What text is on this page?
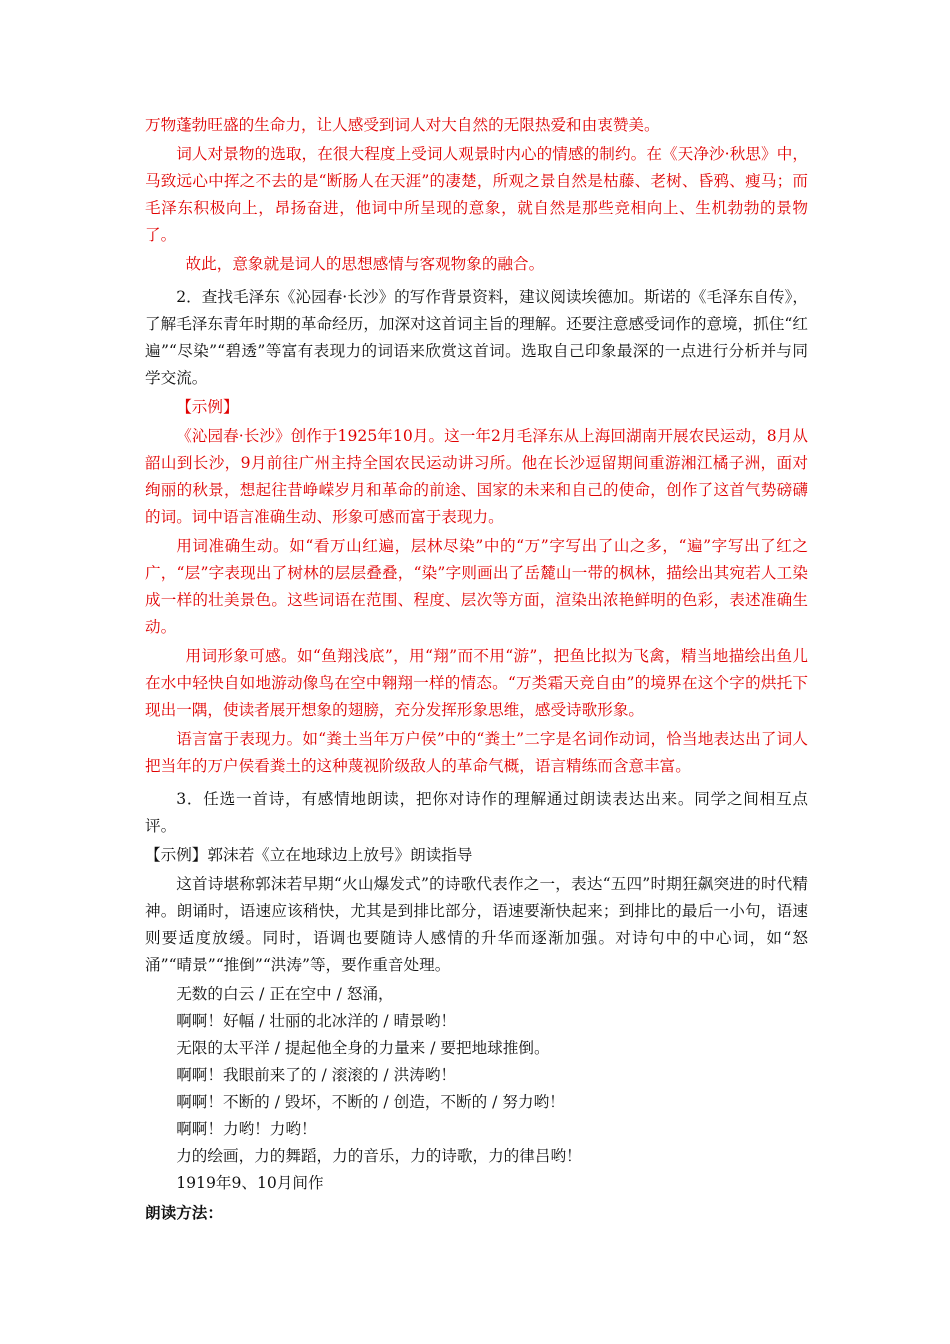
万物蓬勃旺盛的生命力，让人感受到词人对大自然的无限热爱和由衷赞美。

词人对景物的选取，在很大程度上受词人观景时内心的情感的制约。在《天净沙·秋思》中，马致远心中挥之不去的是“断肠人在天涯”的凄楚，所观之景自然是枯藤、老树、昏鸦、瘦马；而毛泽东积极向上，昂扬奋进，他词中所呈现的意象，就自然是那些竞相向上、生机勃勃的景物了。

故此，意象就是词人的思想感情与客观物象的融合。

2．查找毛泽东《沁园春·长沙》的写作背景资料，建议阅读埃德加。斯诺的《毛泽东自传》，了解毛泽东青年时期的革命经历，加深对这首词主旨的理解。还要注意感受词作的意境，抓住“红遍”“尽染”“碧透”等富有表现力的词语来欣赏这首词。选取自己印象最深的一点进行分析并与同学交流。

【示例】

《沁园春·长沙》创作于1925年10月。这一年2月毛泽东从上海回湖南开展农民运动，8月从韶山到长沙，9月前往广州主持全国农民运动讲习所。他在长沙逗留期间重游湘江橘子洲，面对绚丽的秋景，想起往昔峥嵘岁月和革命的前途、国家的未来和自己的使命，创作了这首气势磅礴的词。词中语言准确生动、形象可感而富于表现力。

用词准确生动。如“看万山红遍，层林尽染”中的“万”字写出了山之多，“遍”字写出了红之广，“层”字表现出了树林的层层叠叠，“染”字则画出了岳麓山一带的枫林，描绘出其宛若人工染成一样的壮美景色。这些词语在范围、程度、层次等方面，渲染出浓艳鲜明的色彩，表述准确生动。

用词形象可感。如“鱼翔浅底”，用“翔”而不用“游”，把鱼比拟为飞禽，精当地描绘出鱼儿在水中轻快自如地游动像鸟在空中翱翔一样的情态。“万类霜天竞自由”的境界在这个字的烘托下现出一隅，使读者展开想象的翅膀，充分发挥形象思维，感受诗歌形象。

语言富于表现力。如“粪土当年万户侯”中的“粪土”二字是名词作动词，恰当地表达出了词人把当年的万户侯看粪土的这种蔑视阶级敌人的革命气概，语言精练而含意丰富。

3．任选一首诗，有感情地朗读，把你对诗作的理解通过朗读表达出来。同学之间相互点评。

【示例】郭沫若《立在地球边上放号》朗读指导

这首诗堪称郭沫若早期“火山爆发式”的诗歌代表作之一，表达“五四”时期狂飙突进的时代精神。朗诵时，语速应该稍快，尤其是到排比部分，语速要渐快起来；到排比的最后一小句，语速则要适度放缓。同时，语调也要随诗人感情的升华而逐渐加强。对诗句中的中心词，如“怒涌”“晴景”“推倒”“洪涛”等，要作重音处理。

无数的白云 / 正在空中 / 怒涌，

啊啊！好幅 / 壮丽的北冰洋的 / 晴景哟！

无限的太平洋 / 提起他全身的力量来 / 要把地球推倒。

啊啊！我眼前来了的 / 滚滚的 / 洪涛哟！

啊啊！不断的 / 毁坏，不断的 / 创造，不断的 / 努力哟！

啊啊！力哟！力哟！

力的绘画，力的舞蹈，力的音乐，力的诗歌，力的律吕哟！

1919年9、10月间作

朗读方法：
